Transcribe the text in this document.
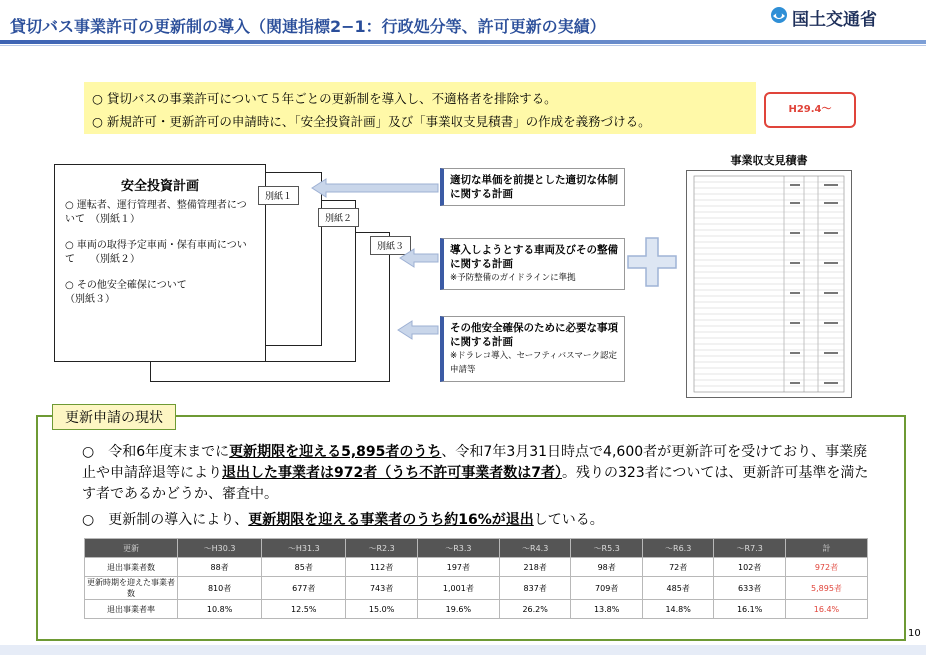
貸切バス事業許可の更新制の導入（関連指標2−1：行政処分等、許可更新の実績）	国土交通省
○ 貸切バスの事業許可について５年ごとの更新制を導入し、不適格者を排除する。
○ 新規許可・更新許可の申請時に、「安全投資計画」及び「事業収支見積書」の作成を義務づける。
H29.4～
安全投資計画
○ 運転者、運行管理者、整備管理者について　（別紙１）
○ 車両の取得予定車両・保有車両について　　（別紙２）
○ その他安全確保について　　　　　　　（別紙３）
別紙１
別紙２
別紙３
適切な単価を前提とした適切な体制に関する計画
導入しようとする車両及びその整備に関する計画
※予防整備のガイドラインに準拠
その他安全確保のために必要な事項に関する計画
※ドラレコ導入、セーフティバスマーク認定申請等
事業収支見積書
更新申請の現状
○　令和6年度末までに更新期限を迎える5,895者のうち、令和7年3月31日時点で4,600者が更新許可を受けており、事業廃止や申請辞退等により退出した事業者は972者（うち不許可事業者数は7者）。残りの323者については、更新許可基準を満たす者であるかどうか、審査中。
○　更新制の導入により、更新期限を迎える事業者のうち約16%が退出している。
更新	～H30.3	～H31.3	～R2.3	～R3.3	～R4.3	～R5.3	～R6.3	～R7.3	計
退出事業者数	88者	85者	112者	197者	218者	98者	72者	102者	972者
更新時期を迎えた事業者数	810者	677者	743者	1,001者	837者	709者	485者	633者	5,895者
退出事業者率	10.8%	12.5%	15.0%	19.6%	26.2%	13.8%	14.8%	16.1%	16.4%
10
